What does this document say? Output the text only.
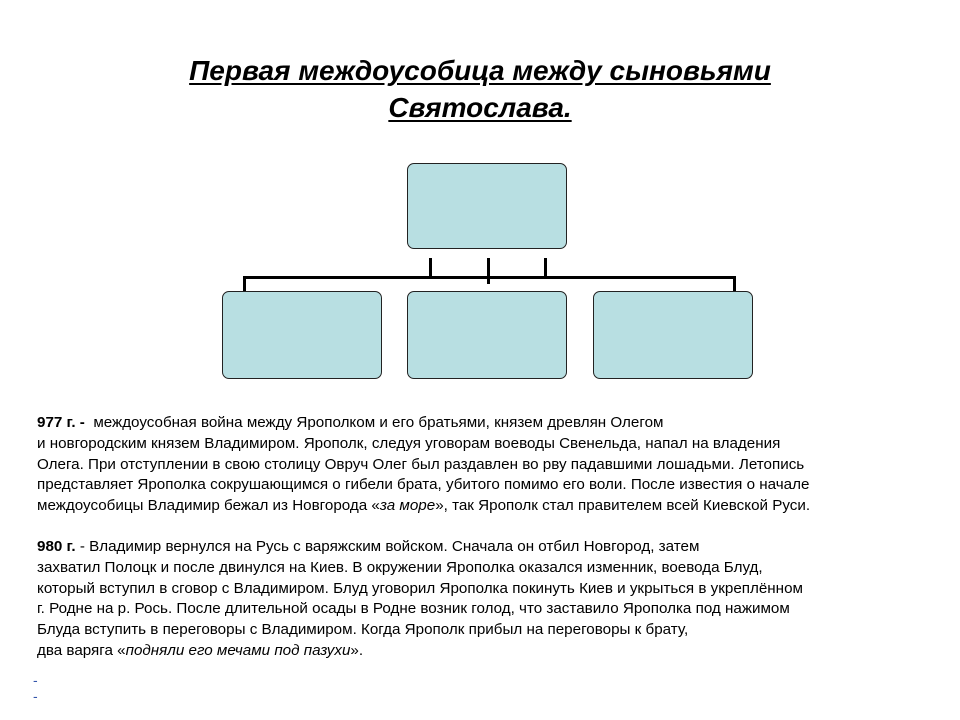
Первая междоусобица между сыновьями
Святослава.

977 г. -  междоусобная война между Ярополком и его братьями, князем древлян Олегом

и новгородским князем Владимиром. Ярополк, следуя уговорам воеводы Свенельда, напал на владения

Олега. При отступлении в свою столицу Овруч Олег был раздавлен во рву падавшими лошадьми. Летопись

представляет Ярополка сокрушающимся о гибели брата, убитого помимо его воли. После известия о начале

междоусобицы Владимир бежал из Новгорода «за море», так Ярополк стал правителем всей Киевской Руси.

980 г. - Владимир вернулся на Русь с варяжским войском. Сначала он отбил Новгород, затем

захватил Полоцк и после двинулся на Киев. В окружении Ярополка оказался изменник, воевода Блуд,

который вступил в сговор с Владимиром. Блуд уговорил Ярополка покинуть Киев и укрыться в укреплённом

г. Родне на р. Рось. После длительной осады в Родне возник голод, что заставило Ярополка под нажимом

Блуда вступить в переговоры с Владимиром. Когда Ярополк прибыл на переговоры к брату,

два варяга «подняли его мечами под пазухи».

-
-
